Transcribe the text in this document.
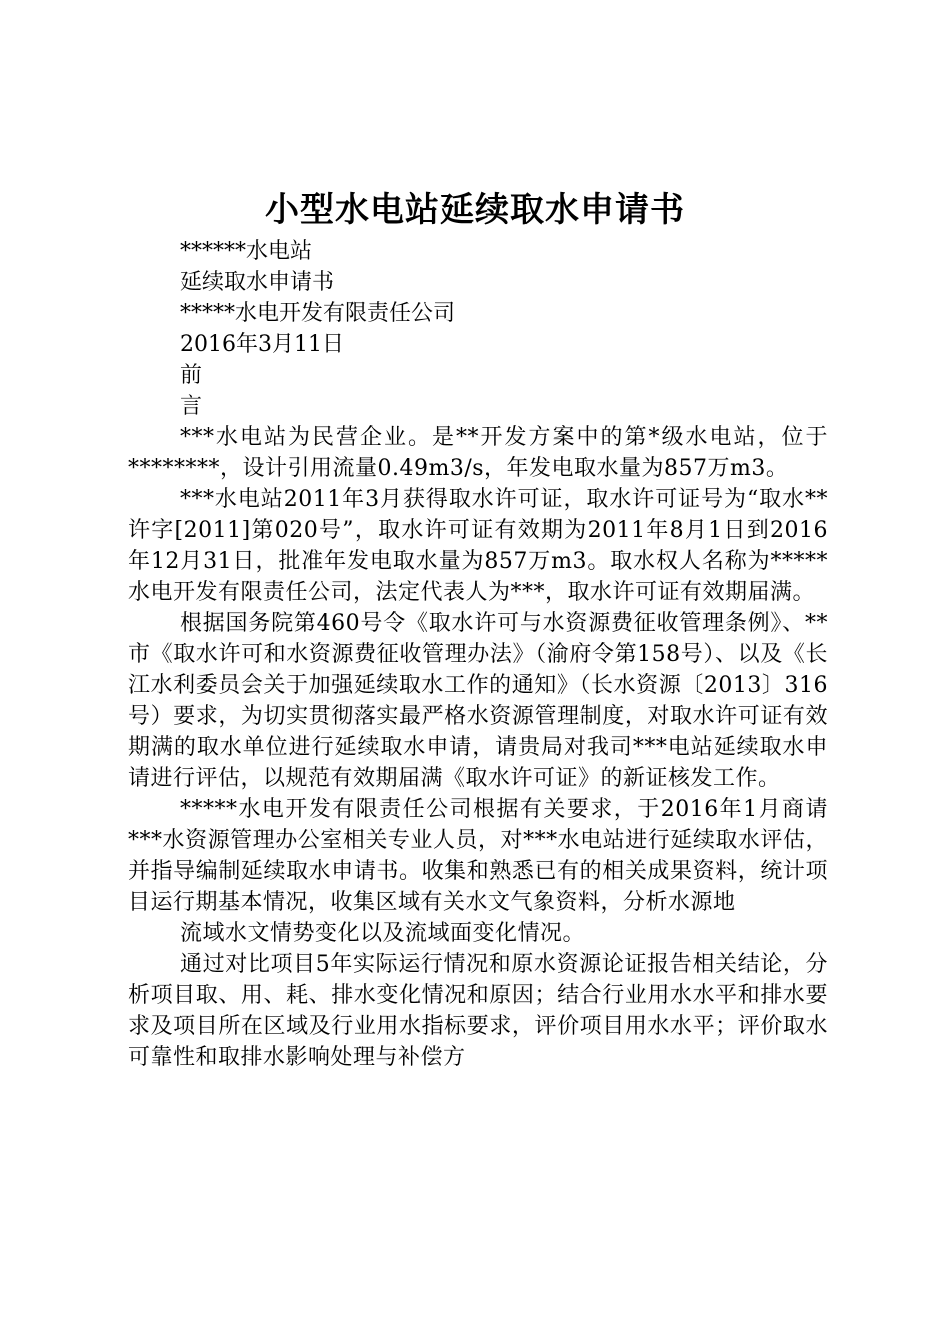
小型水电站延续取水申请书

******水电站

延续取水申请书

*****水电开发有限责任公司

2016年3月11日

前

言

***水电站为民营企业。是**开发方案中的第*级水电站，位于********，设计引用流量0.49m3/s，年发电取水量为857万m3。

***水电站2011年3月获得取水许可证，取水许可证号为“取水**许字[2011]第020号”，取水许可证有效期为2011年8月1日到2016年12月31日，批准年发电取水量为857万m3。取水权人名称为*****水电开发有限责任公司，法定代表人为***，取水许可证有效期届满。

根据国务院第460号令《取水许可与水资源费征收管理条例》、**市《取水许可和水资源费征收管理办法》（渝府令第158号）、以及《长江水利委员会关于加强延续取水工作的通知》（长水资源〔2013〕316号）要求，为切实贯彻落实最严格水资源管理制度，对取水许可证有效期满的取水单位进行延续取水申请，请贵局对我司***电站延续取水申请进行评估，以规范有效期届满《取水许可证》的新证核发工作。

*****水电开发有限责任公司根据有关要求，于2016年1月商请***水资源管理办公室相关专业人员，对***水电站进行延续取水评估，并指导编制延续取水申请书。收集和熟悉已有的相关成果资料，统计项目运行期基本情况，收集区域有关水文气象资料，分析水源地

流域水文情势变化以及流域面变化情况。

通过对比项目5年实际运行情况和原水资源论证报告相关结论，分析项目取、用、耗、排水变化情况和原因；结合行业用水水平和排水要求及项目所在区域及行业用水指标要求，评价项目用水水平；评价取水可靠性和取排水影响处理与补偿方
